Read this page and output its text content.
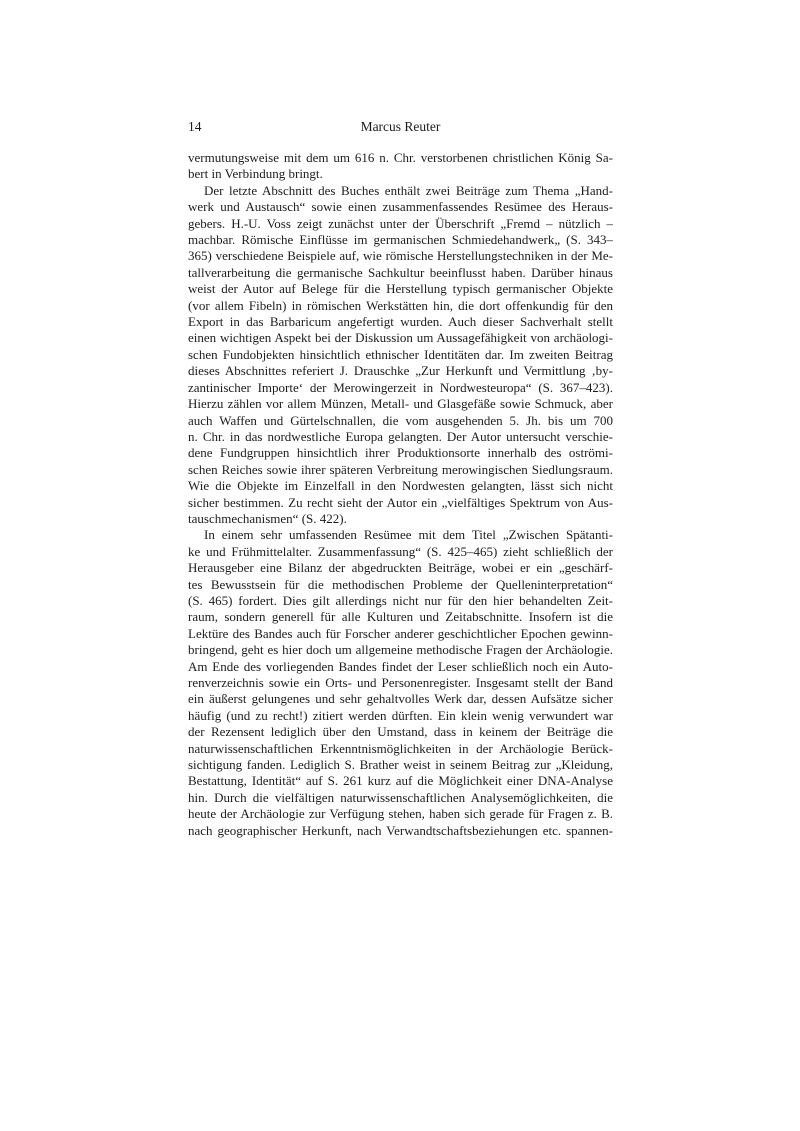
14	Marcus Reuter
vermutungsweise mit dem um 616 n. Chr. verstorbenen christlichen König Sa-
bert in Verbindung bringt.
Der letzte Abschnitt des Buches enthält zwei Beiträge zum Thema „Hand-
werk und Austausch“ sowie einen zusammenfassendes Resümee des Heraus-
gebers. H.-U. Voss zeigt zunächst unter der Überschrift „Fremd – nützlich –
machbar. Römische Einflüsse im germanischen Schmiedehandwerk„ (S. 343–
365) verschiedene Beispiele auf, wie römische Herstellungstechniken in der Me-
tallverarbeitung die germanische Sachkultur beeinflusst haben. Darüber hinaus
weist der Autor auf Belege für die Herstellung typisch germanischer Objekte
(vor allem Fibeln) in römischen Werkstätten hin, die dort offenkundig für den
Export in das Barbaricum angefertigt wurden. Auch dieser Sachverhalt stellt
einen wichtigen Aspekt bei der Diskussion um Aussagefähigkeit von archäologi-
schen Fundobjekten hinsichtlich ethnischer Identitäten dar. Im zweiten Beitrag
dieses Abschnittes referiert J. Drauschke „Zur Herkunft und Vermittlung ‚by-
zantinischer Importe‘ der Merowingerzeit in Nordwesteuropa“ (S. 367–423).
Hierzu zählen vor allem Münzen, Metall- und Glasgefäße sowie Schmuck, aber
auch Waffen und Gürtelschnallen, die vom ausgehenden 5. Jh. bis um 700
n. Chr. in das nordwestliche Europa gelangten. Der Autor untersucht verschie-
dene Fundgruppen hinsichtlich ihrer Produktionsorte innerhalb des oströmi-
schen Reiches sowie ihrer späteren Verbreitung merowingischen Siedlungsraum.
Wie die Objekte im Einzelfall in den Nordwesten gelangten, lässt sich nicht
sicher bestimmen. Zu recht sieht der Autor ein „vielfältiges Spektrum von Aus-
tauschmechanismen“ (S. 422).
In einem sehr umfassenden Resümee mit dem Titel „Zwischen Spätanti-
ke und Frühmittelalter. Zusammenfassung“ (S. 425–465) zieht schließlich der
Herausgeber eine Bilanz der abgedruckten Beiträge, wobei er ein „geschärf-
tes Bewusstsein für die methodischen Probleme der Quelleninterpretation“
(S. 465) fordert. Dies gilt allerdings nicht nur für den hier behandelten Zeit-
raum, sondern generell für alle Kulturen und Zeitabschnitte. Insofern ist die
Lektüre des Bandes auch für Forscher anderer geschichtlicher Epochen gewinn-
bringend, geht es hier doch um allgemeine methodische Fragen der Archäologie.
Am Ende des vorliegenden Bandes findet der Leser schließlich noch ein Auto-
renverzeichnis sowie ein Orts- und Personenregister. Insgesamt stellt der Band
ein äußerst gelungenes und sehr gehaltvolles Werk dar, dessen Aufsätze sicher
häufig (und zu recht!) zitiert werden dürften. Ein klein wenig verwundert war
der Rezensent lediglich über den Umstand, dass in keinem der Beiträge die
naturwissenschaftlichen Erkenntnismöglichkeiten in der Archäologie Berück-
sichtigung fanden. Lediglich S. Brather weist in seinem Beitrag zur „Kleidung,
Bestattung, Identität“ auf S. 261 kurz auf die Möglichkeit einer DNA-Analyse
hin. Durch die vielfältigen naturwissenschaftlichen Analysemöglichkeiten, die
heute der Archäologie zur Verfügung stehen, haben sich gerade für Fragen z. B.
nach geographischer Herkunft, nach Verwandtschaftsbeziehungen etc. spannen-
